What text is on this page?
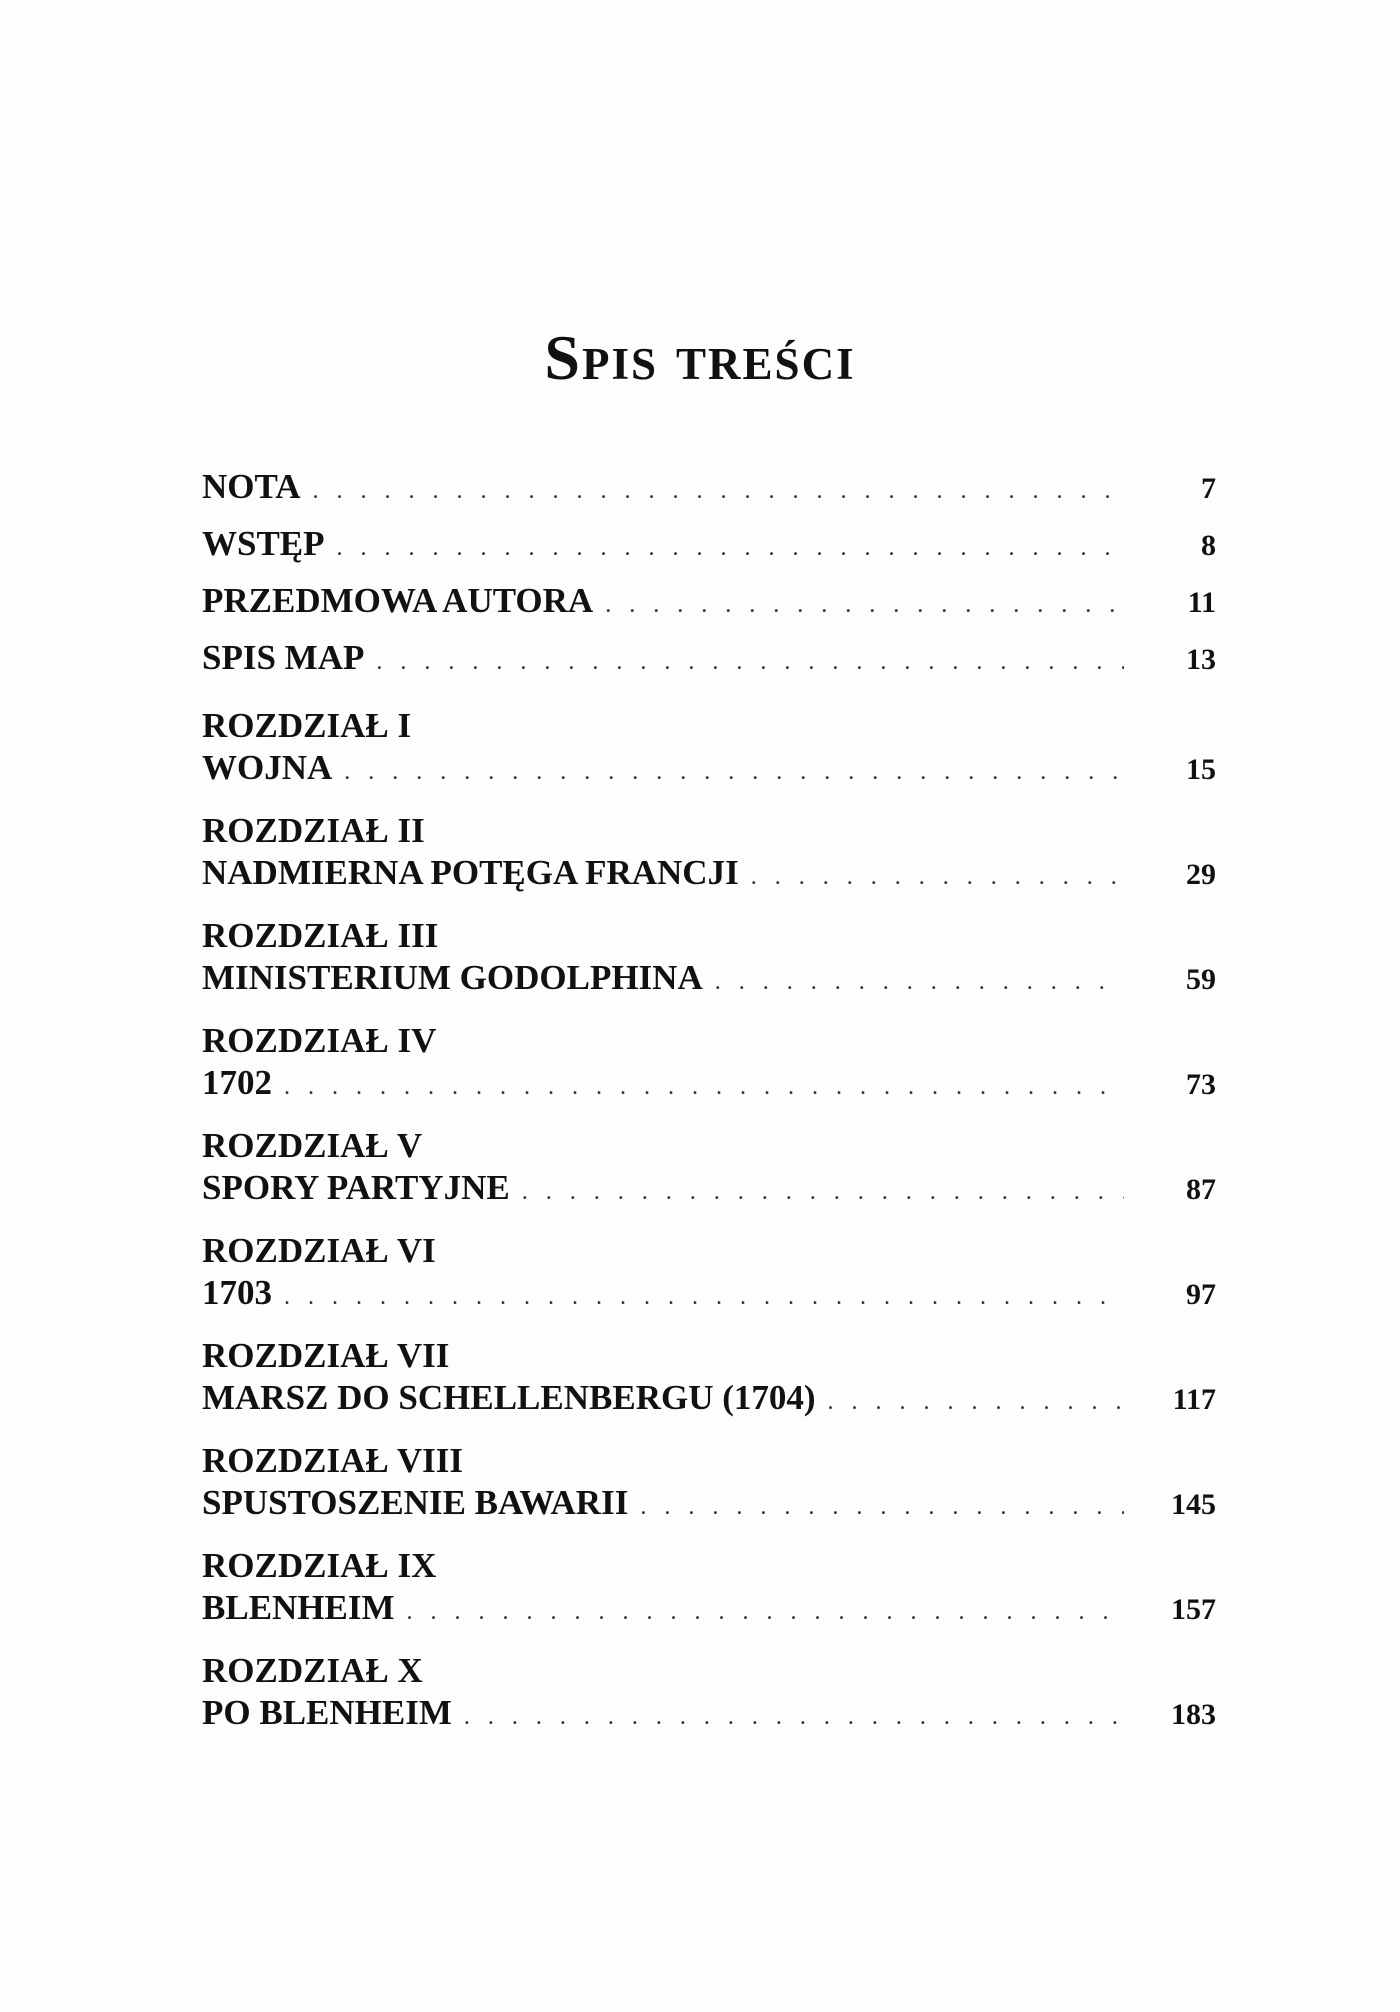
Spis treści
NOTA . . .	7
WSTĘP . . .	8
PRZEDMOWA AUTORA . . .	11
SPIS MAP . . .	13
ROZDZIAŁ I
WOJNA . . .	15
ROZDZIAŁ II
NADMIERNA POTĘGA FRANCJI . . .	29
ROZDZIAŁ III
MINISTERIUM GODOLPHINA . . .	59
ROZDZIAŁ IV
1702 . . .	73
ROZDZIAŁ V
SPORY PARTYJNE . . .	87
ROZDZIAŁ VI
1703 . . .	97
ROZDZIAŁ VII
MARSZ DO SCHELLENBERGU (1704) . . .	117
ROZDZIAŁ VIII
SPUSTOSZENIE BAWARII . . .	145
ROZDZIAŁ IX
BLENHEIM . . .	157
ROZDZIAŁ X
PO BLENHEIM . . .	183
